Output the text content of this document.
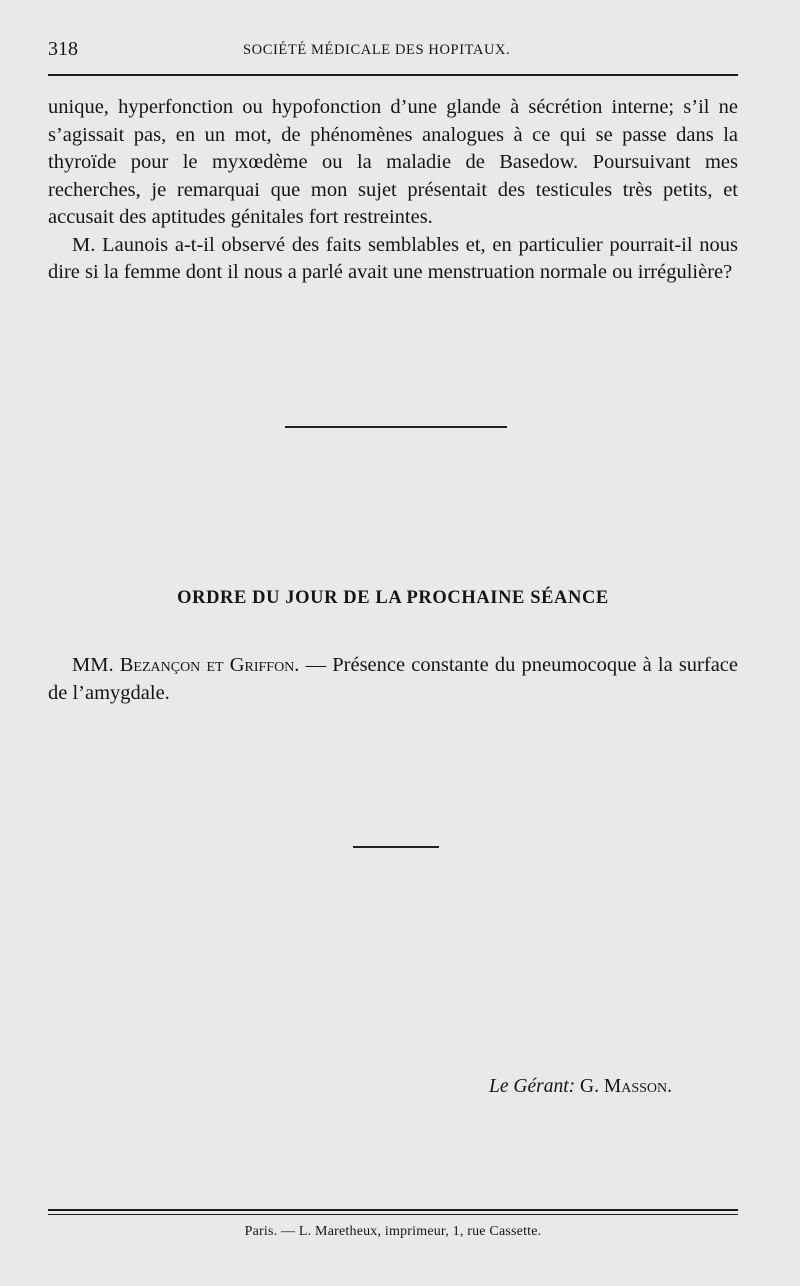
318	SOCIÉTÉ MÉDICALE DES HOPITAUX.

unique, hyperfonction ou hypofonction d’une glande à sécrétion interne; s’il ne s’agissait pas, en un mot, de phénomènes analogues à ce qui se passe dans la thyroïde pour le myxœdème ou la maladie de Basedow. Poursuivant mes recherches, je remarquai que mon sujet présentait des testicules très petits, et accusait des aptitudes génitales fort restreintes.

M. Launois a-t-il observé des faits semblables et, en particulier pourrait-il nous dire si la femme dont il nous a parlé avait une menstruation normale ou irrégulière?

ORDRE DU JOUR DE LA PROCHAINE SÉANCE

MM. Bezançon et Griffon. — Présence constante du pneumocoque à la surface de l’amygdale.

Le Gérant: G. Masson.
Paris. — L. Maretheux, imprimeur, 1, rue Cassette.
